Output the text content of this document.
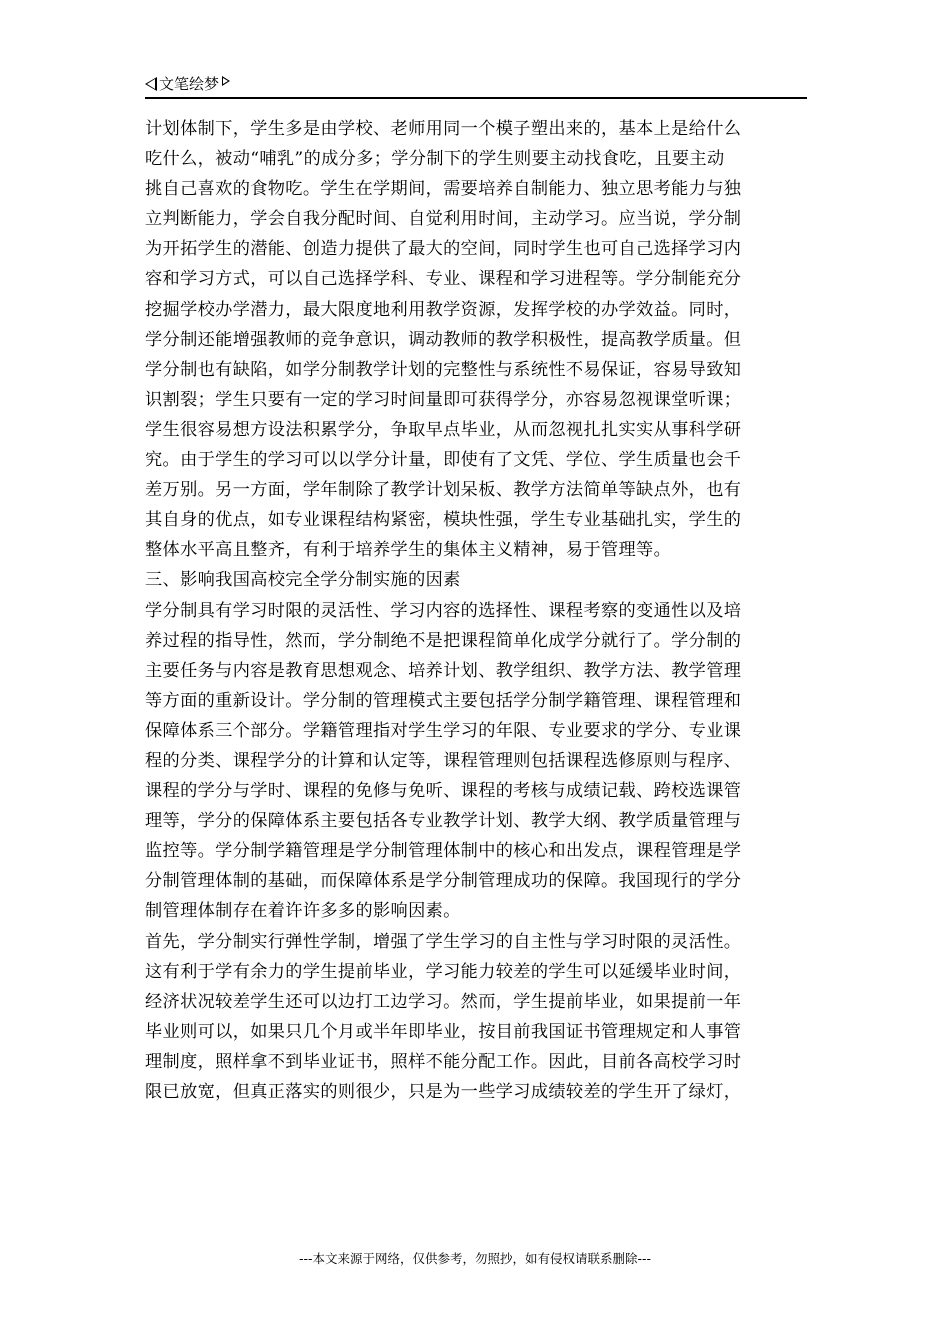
文笔绘梦
计划体制下，学生多是由学校、老师用同一个模子塑出来的，基本上是给什么
吃什么，被动“哺乳”的成分多；学分制下的学生则要主动找食吃，且要主动
挑自己喜欢的食物吃。学生在学期间，需要培养自制能力、独立思考能力与独
立判断能力，学会自我分配时间、自觉利用时间，主动学习。应当说，学分制
为开拓学生的潜能、创造力提供了最大的空间，同时学生也可自己选择学习内
容和学习方式，可以自己选择学科、专业、课程和学习进程等。学分制能充分
挖掘学校办学潜力，最大限度地利用教学资源，发挥学校的办学效益。同时，
学分制还能增强教师的竞争意识，调动教师的教学积极性，提高教学质量。但
学分制也有缺陷，如学分制教学计划的完整性与系统性不易保证，容易导致知
识割裂；学生只要有一定的学习时间量即可获得学分，亦容易忽视课堂听课；
学生很容易想方设法积累学分，争取早点毕业，从而忽视扎扎实实从事科学研
究。由于学生的学习可以以学分计量，即使有了文凭、学位、学生质量也会千
差万别。另一方面，学年制除了教学计划呆板、教学方法简单等缺点外，也有
其自身的优点，如专业课程结构紧密，模块性强，学生专业基础扎实，学生的
整体水平高且整齐，有利于培养学生的集体主义精神，易于管理等。
三、影响我国高校完全学分制实施的因素
学分制具有学习时限的灵活性、学习内容的选择性、课程考察的变通性以及培
养过程的指导性，然而，学分制绝不是把课程简单化成学分就行了。学分制的
主要任务与内容是教育思想观念、培养计划、教学组织、教学方法、教学管理
等方面的重新设计。学分制的管理模式主要包括学分制学籍管理、课程管理和
保障体系三个部分。学籍管理指对学生学习的年限、专业要求的学分、专业课
程的分类、课程学分的计算和认定等，课程管理则包括课程选修原则与程序、
课程的学分与学时、课程的免修与免听、课程的考核与成绩记载、跨校选课管
理等，学分的保障体系主要包括各专业教学计划、教学大纲、教学质量管理与
监控等。学分制学籍管理是学分制管理体制中的核心和出发点，课程管理是学
分制管理体制的基础，而保障体系是学分制管理成功的保障。我国现行的学分
制管理体制存在着许许多多的影响因素。
首先，学分制实行弹性学制，增强了学生学习的自主性与学习时限的灵活性。
这有利于学有余力的学生提前毕业，学习能力较差的学生可以延缓毕业时间，
经济状况较差学生还可以边打工边学习。然而，学生提前毕业，如果提前一年
毕业则可以，如果只几个月或半年即毕业，按目前我国证书管理规定和人事管
理制度，照样拿不到毕业证书，照样不能分配工作。因此，目前各高校学习时
限已放宽，但真正落实的则很少，只是为一些学习成绩较差的学生开了绿灯，
---本文来源于网络，仅供参考，勿照抄，如有侵权请联系删除---
